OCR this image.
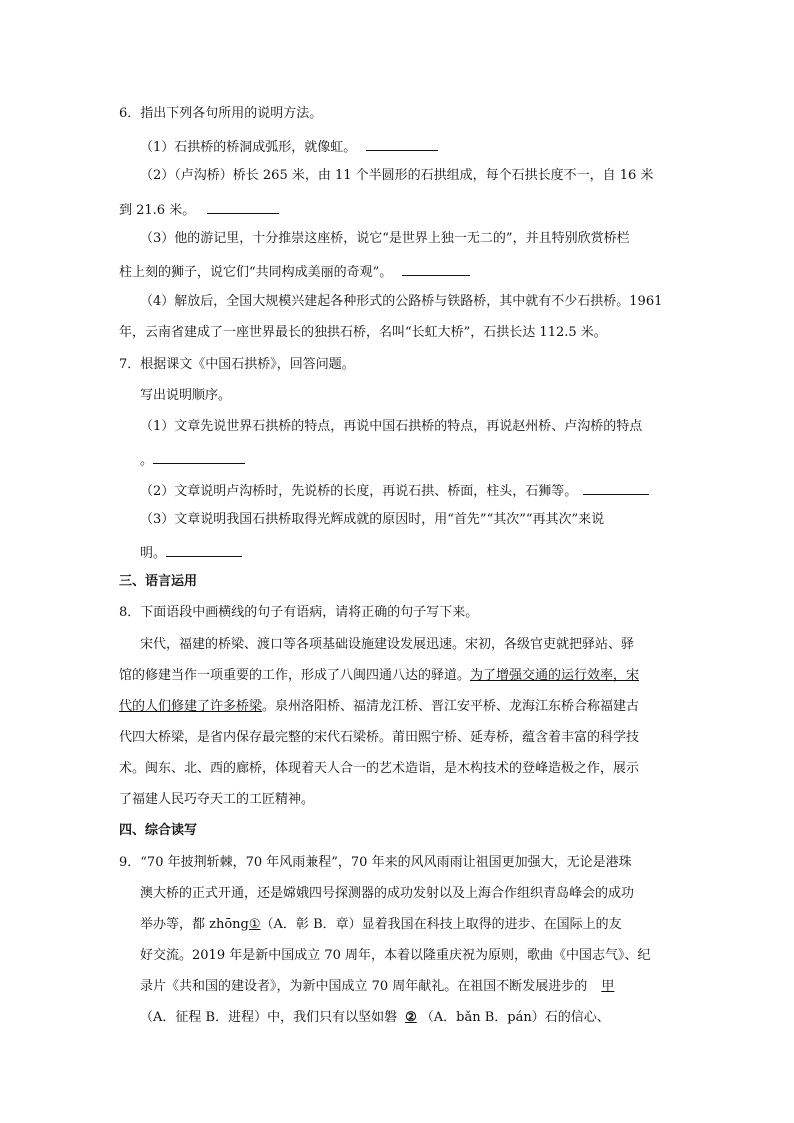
6．指出下列各句所用的说明方法。
（1）石拱桥的桥洞成弧形，就像虹。
（2）（卢沟桥）桥长 265 米，由 11 个半圆形的石拱组成，每个石拱长度不一，自 16 米
到 21.6 米。
（3）他的游记里，十分推崇这座桥，说它“是世界上独一无二的”，并且特别欣赏桥栏
柱上刻的狮子，说它们“共同构成美丽的奇观”。
（4）解放后，全国大规模兴建起各种形式的公路桥与铁路桥，其中就有不少石拱桥。1961
年，云南省建成了一座世界最长的独拱石桥，名叫“长虹大桥”，石拱长达 112.5 米。
7．根据课文《中国石拱桥》，回答问题。
写出说明顺序。
（1）文章先说世界石拱桥的特点，再说中国石拱桥的特点，再说赵州桥、卢沟桥的特点
。
（2）文章说明卢沟桥时，先说桥的长度，再说石拱、桥面，柱头，石狮等。
（3）文章说明我国石拱桥取得光辉成就的原因时，用“首先”“其次”“再其次”来说
明。
三、语言运用
8．下面语段中画横线的句子有语病，请将正确的句子写下来。
宋代，福建的桥梁、渡口等各项基础设施建设发展迅速。宋初，各级官吏就把驿站、驿
馆的修建当作一项重要的工作，形成了八闽四通八达的驿道。为了增强交通的运行效率，宋
代的人们修建了许多桥梁。泉州洛阳桥、福清龙江桥、晋江安平桥、龙海江东桥合称福建古
代四大桥梁，是省内保存最完整的宋代石梁桥。莆田熙宁桥、延寿桥，蕴含着丰富的科学技
术。闽东、北、西的廊桥，体现着天人合一的艺术造诣，是木构技术的登峰造极之作，展示
了福建人民巧夺天工的工匠精神。
四、综合读写
9．“70 年披荆斩棘，70 年风雨兼程”，70 年来的风风雨雨让祖国更加强大，无论是港珠
澳大桥的正式开通，还是嫦娥四号探测器的成功发射以及上海合作组织青岛峰会的成功
举办等，都 zhōng①（A．彰 B．章）显着我国在科技上取得的进步、在国际上的友
好交流。2019 年是新中国成立 70 周年，本着以隆重庆祝为原则，歌曲《中国志气》、纪
录片《共和国的建设者》，为新中国成立 70 周年献礼。在祖国不断发展进步的 甲
（A．征程 B．进程）中，我们只有以坚如磐 ② （A．bǎn B．pán）石的信心、
